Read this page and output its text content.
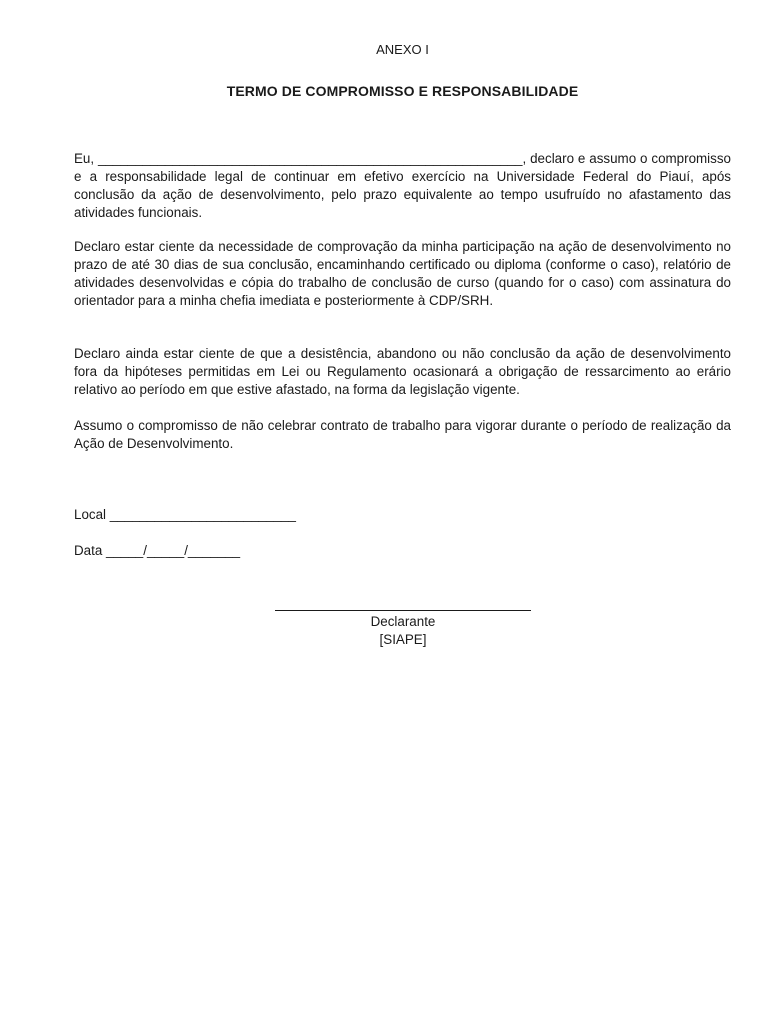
ANEXO I
TERMO DE COMPROMISSO E RESPONSABILIDADE

Eu, _________________________________________________________, declaro e assumo o compromisso e a responsabilidade legal de continuar em efetivo exercício na Universidade Federal do Piauí, após conclusão da ação de desenvolvimento, pelo prazo equivalente ao tempo usufruído no afastamento das atividades funcionais.

Declaro estar ciente da necessidade de comprovação da minha participação na ação de desenvolvimento no prazo de até 30 dias de sua conclusão, encaminhando certificado ou diploma (conforme o caso), relatório de atividades desenvolvidas e cópia do trabalho de conclusão de curso (quando for o caso) com assinatura do orientador para a minha chefia imediata e posteriormente à CDP/SRH.

Declaro ainda estar ciente de que a desistência, abandono ou não conclusão da ação de desenvolvimento fora da hipóteses permitidas em Lei ou Regulamento ocasionará a obrigação de ressarcimento ao erário relativo ao período em que estive afastado, na forma da legislação vigente.

Assumo o compromisso de não celebrar contrato de trabalho para vigorar durante o período de realização da Ação de Desenvolvimento.

Local _________________________
Data _____/_____/_______
Declarante
[SIAPE]
